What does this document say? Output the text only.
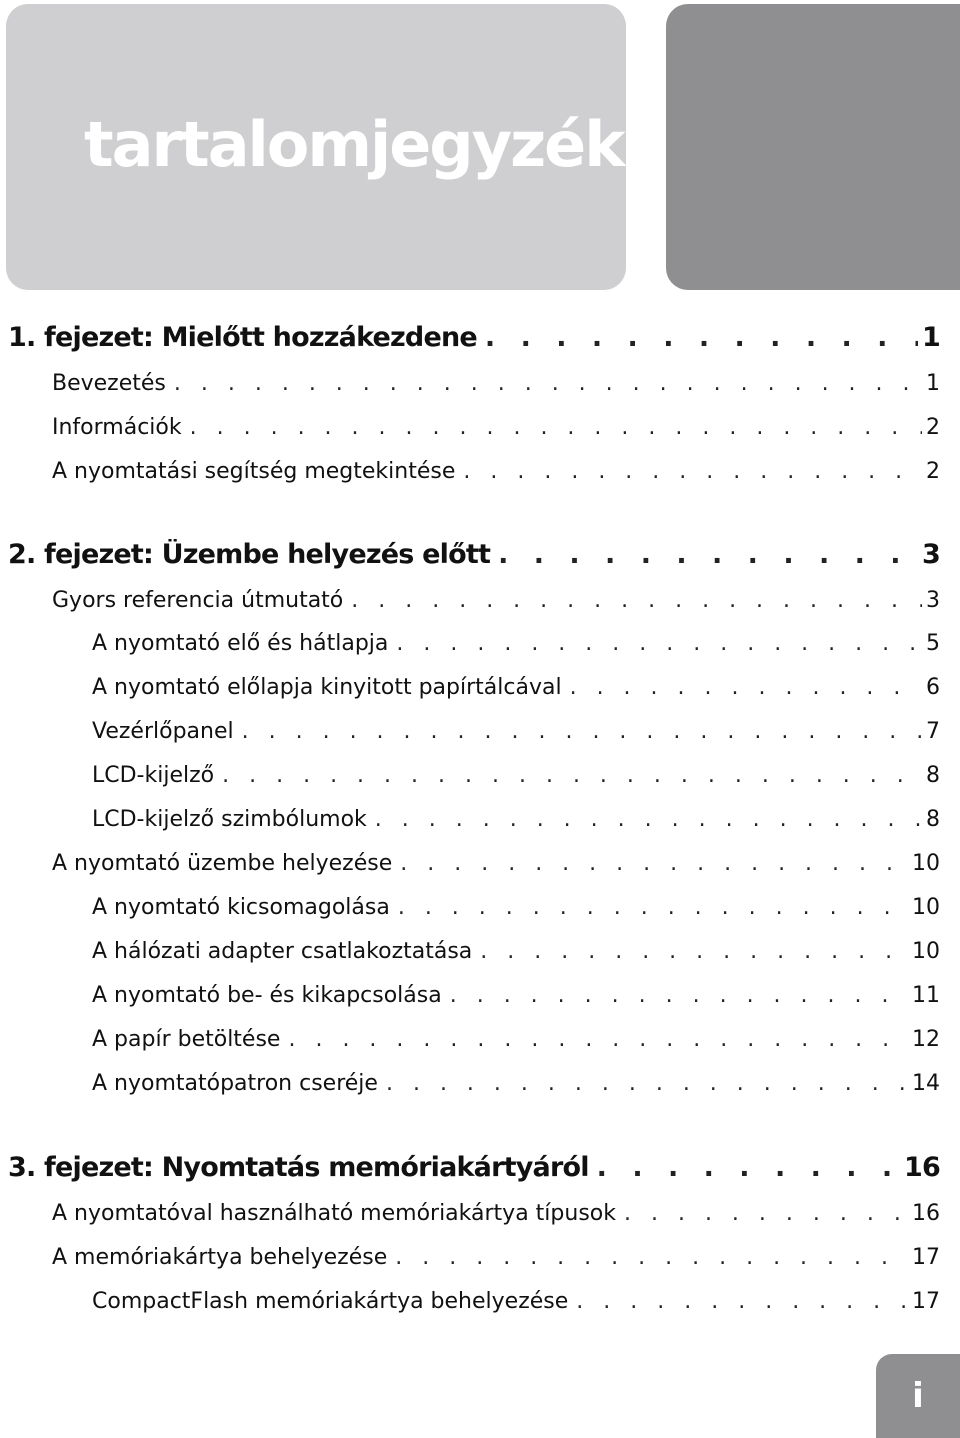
tartalomjegyzék
1. fejezet: Mielőtt hozzákezdene . . .	1
Bevezetés . . .	1
Információk . . .	2
A nyomtatási segítség megtekintése . . .	2
2. fejezet: Üzembe helyezés előtt . . .	3
Gyors referencia útmutató . . .	3
A nyomtató elő és hátlapja . . .	5
A nyomtató előlapja kinyitott papírtálcával . . .	6
Vezérlőpanel . . .	7
LCD-kijelző . . .	8
LCD-kijelző szimbólumok . . .	8
A nyomtató üzembe helyezése . . .	10
A nyomtató kicsomagolása . . .	10
A hálózati adapter csatlakoztatása . . .	10
A nyomtató be- és kikapcsolása . . .	11
A papír betöltése . . .	12
A nyomtatópatron cseréje . . .	14
3. fejezet: Nyomtatás memóriakártyáról . . .	16
A nyomtatóval használható memóriakártya típusok . . .	16
A memóriakártya behelyezése . . .	17
CompactFlash memóriakártya behelyezése . . .	17
i
